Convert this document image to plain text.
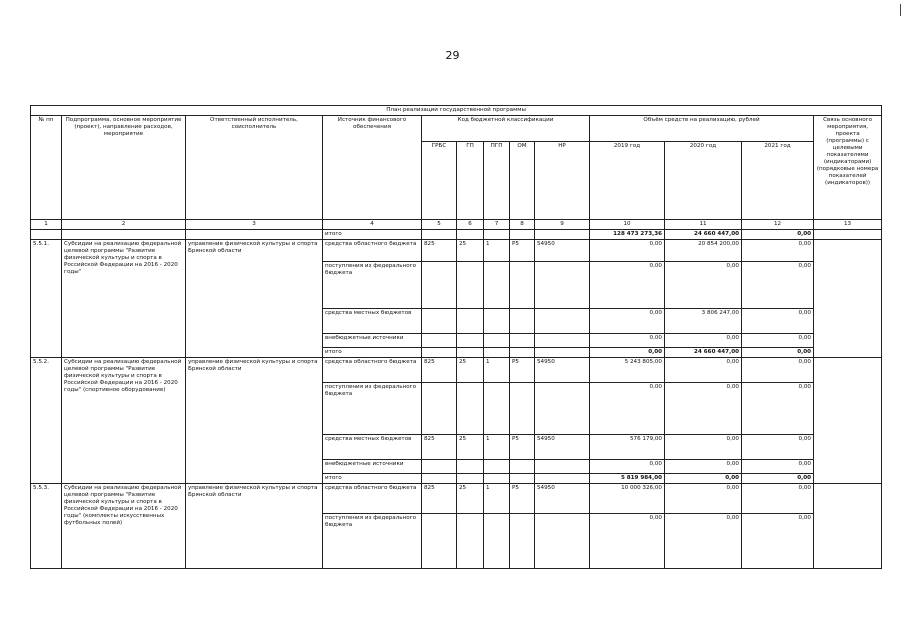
29
План реализации государственной программы												
№ пп	Подпрограмма, основное мероприятие (проект), направление расходов, мероприятие	Ответственный исполнитель, соисполнитель	Источник финансового обеспечения	Код бюджетной классификации					Объём средств на реализацию, рублей			Связь основного мероприятия, проекта (программы) с целевыми показателями (индикаторами) (порядковые номера показателей (индикаторов))
				ГРБС	ГП	ПГП	ОМ	НР	2019 год	2020 год	2021 год	
1	2	3	4	5	6	7	8	9	10	11	12	13
			итого						128 473 273,36	24 660 447,00	0,00	
5.5.1.	Субсидии на реализацию федеральной целевой программы "Развитие физической культуры и спорта в Российской Федерации на 2016 - 2020 годы"	управление физической культуры и спорта Брянской области	средства областного бюджета	825	25	1	P5	54950	0,00	20 854 200,00	0,00	
			поступления из федерального бюджета						0,00	0,00	0,00	
			средства местных бюджетов						0,00	3 806 247,00	0,00	
			внебюджетные источники						0,00	0,00	0,00	
			итого						0,00	24 660 447,00	0,00	
5.5.2.	Субсидии на реализацию федеральной целевой программы "Развитие физической культуры и спорта в Российской Федерации на 2016 - 2020 годы" (спортивное оборудование)	управление физической культуры и спорта Брянской области	средства областного бюджета	825	25	1	P5	54950	5 243 805,00	0,00	0,00	
			поступления из федерального бюджета						0,00	0,00	0,00	
			средства местных бюджетов	825	25	1	P5	54950	576 179,00	0,00	0,00	
			внебюджетные источники						0,00	0,00	0,00	
			итого						5 819 984,00	0,00	0,00	
5.5.3.	Субсидии на реализацию федеральной целевой программы "Развитие физической культуры и спорта в Российской Федерации на 2016 - 2020 годы" (комплекты искусственных футбольных полей)	управление физической культуры и спорта Брянской области	средства областного бюджета	825	25	1	P5	54950	10 000 326,00	0,00	0,00	
			поступления из федерального бюджета						0,00	0,00	0,00	
